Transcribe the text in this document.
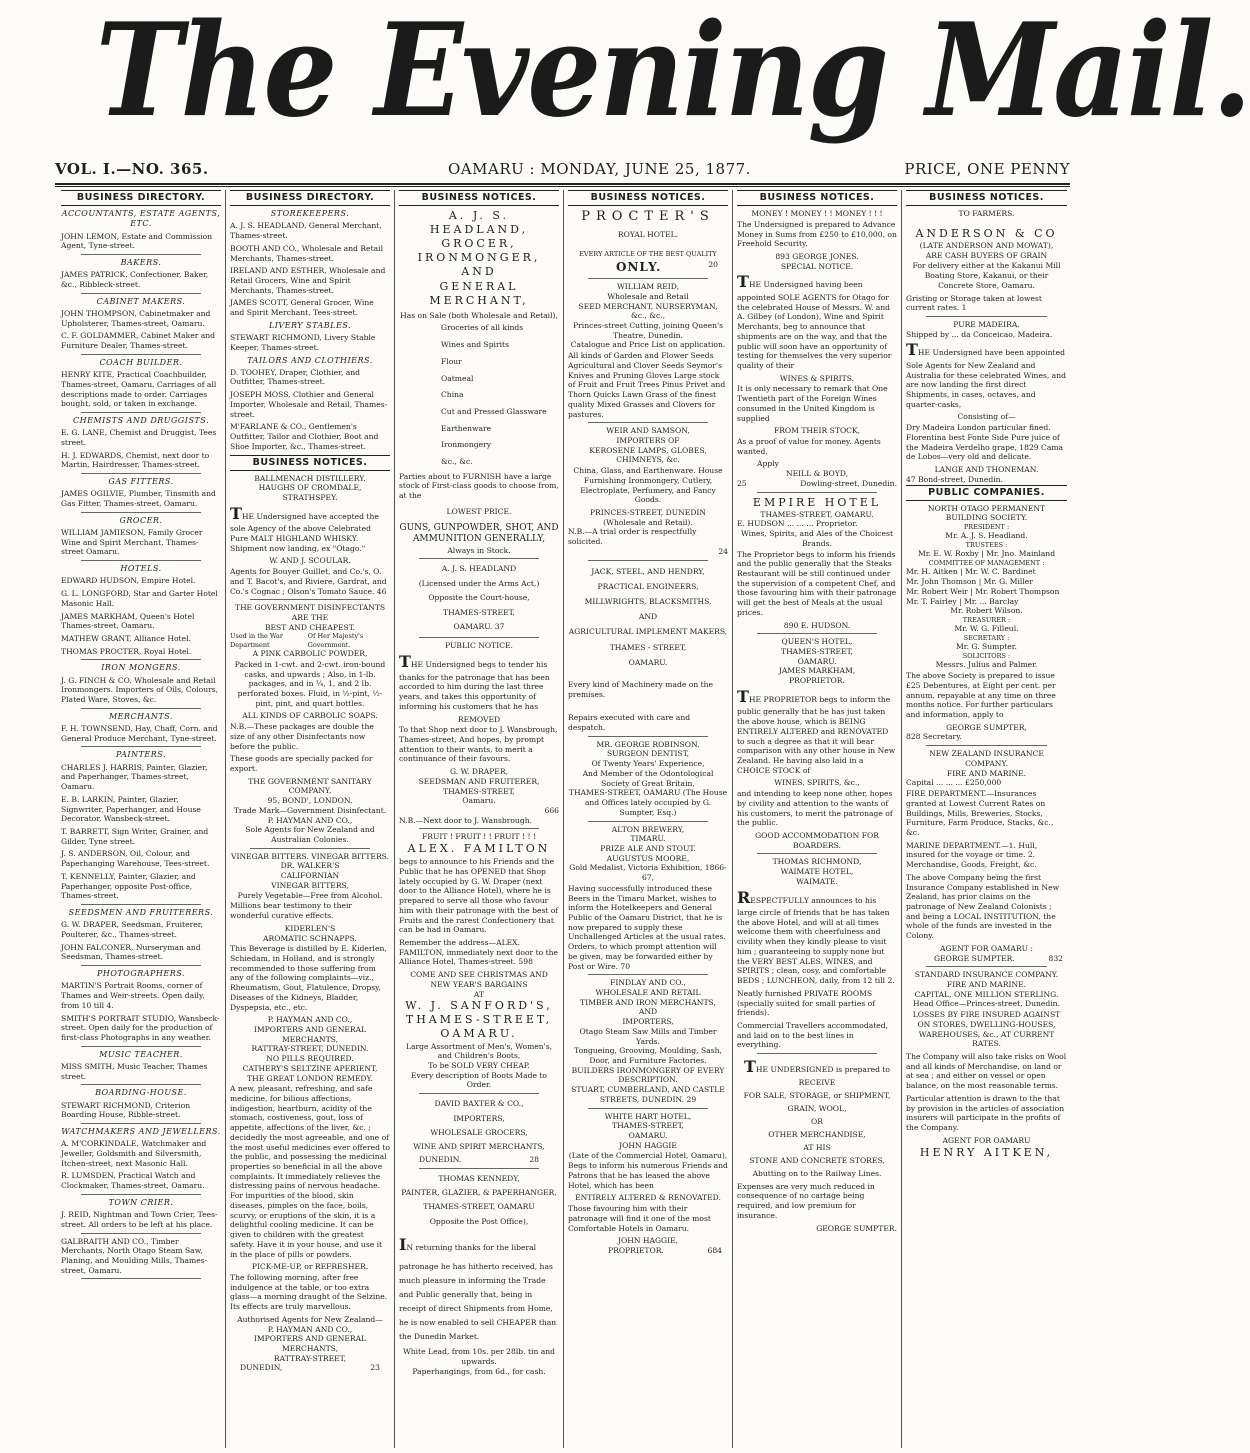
The Evening Mail.
VOL. I.—NO. 365.	OAMARU : MONDAY, JUNE 25, 1877.	PRICE, ONE PENNY
BUSINESS DIRECTORY.
ACCOUNTANTS, ESTATE AGENTS, ETC.

JOHN LEMON, Estate and Commission Agent, Tyne-street.

BAKERS.

JAMES PATRICK, Confectioner, Baker, &c., Ribbleck-street.

CABINET MAKERS.

JOHN THOMPSON, Cabinetmaker and Upholsterer, Thames-street, Oamaru.

C. F. GOLDAMMER, Cabinet Maker and Furniture Dealer, Thames-street.

COACH BUILDER.

HENRY KITE, Practical Coachbuilder, Thames-street, Oamaru. Carriages of all descriptions made to order. Carriages bought, sold, or taken in exchange.

CHEMISTS AND DRUGGISTS.

E. G. LANE, Chemist and Druggist, Tees street.

H. J. EDWARDS, Chemist, next door to Martin, Hairdresser, Thames-street.

GAS FITTERS.

JAMES OGILVIE, Plumber, Tinsmith and Gas Fitter, Thames-street, Oamaru.

GROCER.

WILLIAM JAMIESON, Family Grocer Wine and Spirit Merchant, Thames-street Oamaru.

HOTELS.

EDWARD HUDSON, Empire Hotel.

G. L. LONGFORD, Star and Garter Hotel Masonic Hall.

JAMES MARKHAM, Queen's Hotel Thames-street, Oamaru.

MATHEW GRANT, Alliance Hotel.

THOMAS PROCTER, Royal Hotel.

IRON MONGERS.

J. G. FINCH & CO. Wholesale and Retail Ironmongers. Importers of Oils, Colours, Plated Ware, Stoves, &c.

MERCHANTS.

F. H. TOWNSEND, Hay, Chaff, Corn. and General Produce Merchant, Tyne-street.

PAINTERS.

CHARLES J. HARRIS, Painter, Glazier, and Paperhanger, Thames-street, Oamaru.

E. B. LARKIN, Painter, Glazier, Signwriter, Paperhanger, and House Decorator, Wansbeck-street.

T. BARRETT, Sign Writer, Grainer, and Gilder, Tyne street.

J. S. ANDERSON, Oil, Colour, and Paperhanging Warehouse, Tees-street.

T. KENNELLY, Painter, Glazier, and Paperhanger, opposite Post-office, Thames-street.

SEEDSMEN AND FRUITERERS.

G. W. DRAPER, Seedsman, Fruiterer, Poulterer, &c., Thames-street.

JOHN FALCONER, Nurseryman and Seedsman, Thames-street.

PHOTOGRAPHERS.

MARTIN'S Portrait Rooms, corner of Thames and Weir-streets. Open daily, from 10 till 4.

SMITH'S PORTRAIT STUDIO, Wansbeck-street. Open daily for the production of first-class Photographs in any weather.

MUSIC TEACHER.

MISS SMITH, Music Teacher, Thames street.

BOARDING-HOUSE.

STEWART RICHMOND, Criterion Boarding House, Ribble-street.

WATCHMAKERS AND JEWELLERS.

A. M'CORKINDALE, Watchmaker and Jeweller, Goldsmith and Silversmith, Itchen-street, next Masonic Hall.

R. LUMSDEN, Practical Watch and Clockmaker, Thames-street, Oamaru.

TOWN CRIER.

J. REID, Nightman and Town Crier, Tees-street. All orders to be left at his place.

GALBRAITH AND CO., Timber Merchants, North Otago Steam Saw, Planing, and Moulding Mills, Thames-street, Oamaru.

BUSINESS DIRECTORY.
STOREKEEPERS.

A. J. S. HEADLAND, General Merchant, Thames-street.

BOOTH AND CO., Wholesale and Retail Merchants, Thames-street.

IRELAND AND ESTHER, Wholesale and Retail Grocers, Wine and Spirit Merchants, Thames-street.

JAMES SCOTT, General Grocer, Wine and Spirit Merchant, Tees-street.

LIVERY STABLES.

STEWART RICHMOND, Livery Stable Keeper, Thames-street.

TAILORS AND CLOTHIERS.

D. TOOHEY, Draper, Clothier, and Outfitter, Thames-street.

JOSEPH MOSS, Clothier and General Importer, Wholesale and Retail, Thames-street.

M'FARLANE & CO., Gentlemen's Outfitter, Tailor and Clothier, Boot and Shoe Importer, &c., Thames-street.

BUSINESS NOTICES.
BALLMENACH DISTILLERY.
HAUGHS OF CROMDALE,
STRATHSPEY.

THE Undersigned have accepted the sole Agency of the above Celebrated Pure MALT HIGHLAND WHISKY. Shipment now landing, ex "Otago."

W. AND J. SCOULAR.

Agents for Bouyer Guillet, and Co.'s, O. and T. Bacot's, and Riviere, Gardrat, and Co.'s Cognac ; Olson's Tomato Sauce. 46

THE GOVERNMENT DISINFECTANTS
ARE THE
BEST AND CHEAPEST.
Used in the War Department
Of Her Majesty's Government.
A PINK CARBOLIC POWDER,

Packed in 1-cwt. and 2-cwt. iron-bound casks, and upwards ; Also, in 1-lb. packages, and in ¼, 1, and 2 lb. perforated boxes. Fluid, in ½-pint, ½-pint, pint, and quart bottles.

ALL KINDS OF CARBOLIC SOAPS.

N.B.—These packages are double the size of any other Disinfectants now before the public.

These goods are specially packed for export.

THE GOVERNMENT SANITARY COMPANY,
95, BOND', LONDON.
Trade Mark—Government Disinfectant.
P. HAYMAN AND CO.,
Sole Agents for New Zealand and Australian Colonies.
VINEGAR BITTERS. VINEGAR BITTERS.
DR. WALKER'S
CALIFORNIAN
VINEGAR BITTERS,
Purely Vegetable—Free from Alcohol.

Millions bear testimony to their wonderful curative effects.

KIDERLEN'S
AROMATIC SCHNAPPS.

This Beverage is distilled by E. Kiderlen, Schiedam, in Holland, and is strongly recommended to those suffering from any of the following complaints—viz., Rheumatism, Gout, Flatulence, Dropsy, Diseases of the Kidneys, Bladder, Dyspepsia, etc., etc.

P. HAYMAN AND CO.,
IMPORTERS AND GENERAL MERCHANTS,
RATTRAY-STREET, DUNEDIN.
NO PILLS REQUIRED.
CATHERY'S SELTZINE APERIENT,
THE GREAT LONDON REMEDY.

A new, pleasant, refreshing, and safe medicine, for bilious affections, indigestion, heartburn, acidity of the stomach, costiveness, gout, loss of appetite, affections of the liver, &c. ; decidedly the most agreeable, and one of the most useful medicines ever offered to the public, and possessing the medicinal properties so beneficial in all the above complaints. It immediately relieves the distressing pains of nervous headache. For impurities of the blood, skin diseases, pimples on the face, boils, scurvy, or eruptions of the skin, it is a delightful cooling medicine. It can be given to children with the greatest safety. Have it in your house, and use it in the place of pills or powders.

PICK-ME-UP, or REFRESHER.

The following morning, after free indulgence at the table, or too extra glass—a morning draught of the Selzine. Its effects are truly marvellous.

Authorised Agents for New Zealand—
P. HAYMAN AND CO.,
IMPORTERS AND GENERAL MERCHANTS,
RATTRAY-STREET,
DUNEDIN,	23
BUSINESS NOTICES.
A. J. S. HEADLAND,
GROCER, IRONMONGER, AND
GENERAL MERCHANT,
Has on Sale (both Wholesale and Retail),
Groceries of all kinds
Wines and Spirits
Flour
Oatmeal
China
Cut and Pressed Glassware
Earthenware
Ironmongery
&c., &c.

Parties about to FURNISH have a large stock of First-class goods to choose from, at the

LOWEST PRICE.
GUNS, GUNPOWDER, SHOT, AND AMMUNITION GENERALLY,
Always in Stock.
A. J. S. HEADLAND
(Licensed under the Arms Act,)
Opposite the Court-house,
THAMES-STREET,
OAMARU. 37
PUBLIC NOTICE.

THE Undersigned begs to tender his thanks for the patronage that has been accorded to him during the last three years, and takes this opportunity of informing his customers that he has

REMOVED

To that Shop next door to J. Wansbrough, Thames-street, And hopes, by prompt attention to their wants, to merit a continuance of their favours.

G. W. DRAPER,
SEEDSMAN AND FRUITERER,
THAMES-STREET,
Oamaru.
666
N.B.—Next door to J. Wansbrough.
FRUIT ! FRUIT ! ! FRUIT ! ! !
ALEX. FAMILTON

begs to announce to his Friends and the Public that he has OPENED that Shop lately occupied by G. W. Draper (next door to the Alliance Hotel), where he is prepared to serve all those who favour him with their patronage with the best of Fruits and the rarest Confectionery that can be had in Oamaru.

Remember the address—ALEX. FAMILTON, immediately next door to the Alliance Hotel, Thames-street. 598

COME AND SEE CHRISTMAS AND NEW YEAR'S BARGAINS
AT
W. J. SANFORD'S,
THAMES-STREET, OAMARU.
Large Assortment of Men's, Women's, and Children's Boots,
To be SOLD VERY CHEAP.
Every description of Boots Made to Order.
DAVID BAXTER & CO.,
IMPORTERS,
WHOLESALE GROCERS,
WINE AND SPIRIT MERCHANTS,
DUNEDIN.	28
THOMAS KENNEDY,
PAINTER, GLAZIER, & PAPERHANGER,
THAMES-STREET, OAMARU
Opposite the Post Office),

IN returning thanks for the liberal patronage he has hitherto received, has much pleasure in informing the Trade and Public generally that, being in receipt of direct Shipments from Home, he is now enabled to sell CHEAPER than the Dunedin Market.

White Lead, from 10s. per 28lb. tin and upwards.
Paperhangings, from 6d., for cash.
BUSINESS NOTICES.
PROCTER'S
ROYAL HOTEL.
EVERY ARTICLE OF THE BEST QUALITY
ONLY.	20
WILLIAM REID,
Wholesale and Retail
SEED MERCHANT, NURSERYMAN,
&c., &c.,
Princes-street Cutting, joining Queen's Theatre, Dunedin.
Catalogue and Price List on application.

All kinds of Garden and Flower Seeds Agricultural and Clover Seeds Seymor's Knives and Pruning Gloves Large stock of Fruit and Fruit Trees Pinus Privet and Thorn Quicks Lawn Grass of the finest quality Mixed Grasses and Clovers for pastures.

WEIR AND SAMSON,
IMPORTERS OF
KEROSENE LAMPS, GLOBES, CHIMNEYS, &c.

China, Glass, and Earthenware. House Furnishing Ironmongery, Cutlery, Electroplate, Perfumery, and Fancy Goods.

PRINCES-STREET, DUNEDIN (Wholesale and Retail).
N.B.—A trial order is respectfully solicited.
24
JACK, STEEL, AND HENDRY,
PRACTICAL ENGINEERS, MILLWRIGHTS, BLACKSMITHS,
AND
AGRICULTURAL IMPLEMENT MAKERS,
THAMES - STREET,
OAMARU.

Every kind of Machinery made on the premises.

Repairs executed with care and despatch.

MR. GEORGE ROBINSON,
SURGEON DENTIST,
Of Twenty Years' Experience,
And Member of the Odontological Society of Great Britain,
THAMES-STREET, OAMARU (The House and Offices lately occupied by G. Sumpter, Esq.)
ALTON BREWERY,
TIMARU.
PRIZE ALE AND STOUT.
AUGUSTUS MOORE,
Gold Medalist, Victoria Exhibition, 1866-67,

Having successfully introduced these Beers in the Timaru Market, wishes to inform the Hotelkeepers and General Public of the Oamaru District, that he is now prepared to supply these Unchallenged Articles at the usual rates. Orders, to which prompt attention will be given, may be forwarded either by Post or Wire. 70

FINDLAY AND CO.,
WHOLESALE AND RETAIL
TIMBER AND IRON MERCHANTS,
AND
IMPORTERS,
Otago Steam Saw Mills and Timber Yards.
Tongueing, Grooving, Moulding, Sash, Door, and Furniture Factories.
BUILDERS IRONMONGERY OF EVERY DESCRIPTION.
STUART, CUMBERLAND, AND CASTLE STREETS, DUNEDIN. 29
WHITE HART HOTEL,
THAMES-STREET,
OAMARU.
JOHN HAGGIE
(Late of the Commercial Hotel, Oamaru),

Begs to inform his numerous Friends and Patrons that he has leased the above Hotel, which has been

ENTIRELY ALTERED & RENOVATED.

Those favouring him with their patronage will find it one of the most Comfortable Hotels in Oamaru.

JOHN HAGGIE,
PROPRIETOR.	684
BUSINESS NOTICES.
MONEY ! MONEY ! ! MONEY ! ! !

The Undersigned is prepared to Advance Money in Sums from £250 to £10,000, on Freehold Security.

893 GEORGE JONES.
SPECIAL NOTICE.

THE Undersigned having been appointed SOLE AGENTS for Otago for the celebrated House of Messrs. W. and A. Gilbey (of London), Wine and Spirit Merchants, beg to announce that shipments are on the way, and that the public will soon have an opportunity of testing for themselves the very superior quality of their

WINES & SPIRITS.

It is only necessary to remark that One Twentieth part of the Foreign Wines consumed in the United Kingdom is supplied

FROM THEIR STOCK,

As a proof of value for money. Agents wanted.

Apply
NEILL & BOYD,
25	Dowling-street, Dunedin.
EMPIRE HOTEL
THAMES-STREET, OAMARU.
E. HUDSON ... ... ... Proprietor.
Wines, Spirits, and Ales of the Choicest Brands.

The Proprietor begs to inform his friends and the public generally that the Steaks Restaurant will be still continued under the supervision of a competent Chef, and those favouring him with their patronage will get the best of Meals at the usual prices.

890 E. HUDSON.
QUEEN'S HOTEL,
THAMES-STREET,
OAMARU.
JAMES MARKHAM,
PROPRIETOR.

THE PROPRIETOR begs to inform the public generally that he has just taken the above house, which is BEING ENTIRELY ALTERED and RENOVATED to such a degree as that it will bear comparison with any other house in New Zealand. He having also laid in a CHOICE STOCK of

WINES, SPIRITS, &c.,

and intending to keep none other, hopes by civility and attention to the wants of his customers, to merit the patronage of the public.

GOOD ACCOMMODATION FOR BOARDERS.
THOMAS RICHMOND,
WAIMATE HOTEL,
WAIMATE.

RESPECTFULLY announces to his large circle of friends that he has taken the above Hotel, and will at all times welcome them with cheerfulness and civility when they kindly please to visit him ; guaranteeing to supply none but the VERY BEST ALES, WINES, and SPIRITS ; clean, cosy, and comfortable BEDS ; LUNCHEON, daily, from 12 till 2.

Neatly furnished PRIVATE ROOMS (specially suited for small parties of friends).

Commercial Travellers accommodated, and laid on to the best lines in everything.

THE UNDERSIGNED is prepared to RECEIVE

FOR SALE, STORAGE, or SHIPMENT,
GRAIN, WOOL,
OR
OTHER MERCHANDISE,
AT HIS
STONE AND CONCRETE STORES,
Abutting on to the Railway Lines.

Expenses are very much reduced in consequence of no cartage being required, and low premium for insurance.

GEORGE SUMPTER.
BUSINESS NOTICES.
TO FARMERS.
ANDERSON & CO
(LATE ANDERSON AND MOWAT),
ARE CASH BUYERS OF GRAIN

For delivery either at the Kakanui Mill Boating Store, Kakanui, or their Concrete Store, Oamaru.

Gristing or Storage taken at lowest current rates. 1

PURE MADEIRA.
Shipped by ... da Conceicao, Madeira.

THE Undersigned have been appointed Sole Agents for New Zealand and Australia for these celebrated Wines, and are now landing the first direct Shipments, in cases, octaves, and quarter-casks,

Consisting of—

Dry Madeira London particular fined. Florentina best Fonte Side Pure juice of the Madeira Verdelho grape, 1829 Cama de Lobos—very old and delicate.

LANGE AND THONEMAN.
47 Bond-street, Dunedin.
PUBLIC COMPANIES.
NORTH OTAGO PERMANENT
BUILDING SOCIETY.
PRESIDENT :
Mr. A. J. S. Headland.
TRUSTEES :
Mr. E. W. Roxby | Mr. Jno. Mainland
COMMITTEE OF MANAGEMENT :
Mr. H. Aitken | Mr. W. C. Bardinet
Mr. John Thomson | Mr. G. Miller
Mr. Robert Weir | Mr. Robert Thompson
Mr. T. Fairley | Mr. ... Barclay
Mr. Robert Wilson.
TREASURER :
Mr. W. G. Filleul.
SECRETARY :
Mr. G. Sumpter.
SOLICITORS :
Messrs. Julius and Palmer.

The above Society is prepared to issue £25 Debentures, at Eight per cent. per annum, repayable at any time on three months notice. For further particulars and information, apply to

GEORGE SUMPTER,
828 Secretary.
NEW ZEALAND INSURANCE
COMPANY.
FIRE AND MARINE.
Capital ... ... ... £250,000

FIRE DEPARTMENT.—Insurances granted at Lowest Current Rates on Buildings, Mills, Breweries, Stocks, Furniture, Farm Produce, Stacks, &c., &c.

MARINE DEPARTMENT.—1. Hull, insured for the voyage or time. 2. Merchandise, Goods, Freight, &c.

The above Company being the first Insurance Company established in New Zealand, has prior claims on the patronage of New Zealand Colonists ; and being a LOCAL INSTITUTION, the whole of the funds are invested in the Colony.

AGENT FOR OAMARU :
GEORGE SUMPTER.	832
STANDARD INSURANCE COMPANY.
FIRE AND MARINE.
CAPITAL, ONE MILLION STERLING.
Head Office—Princes-street, Dunedin.

LOSSES BY FIRE INSURED AGAINST ON STORES, DWELLING-HOUSES, WAREHOUSES, &c., AT CURRENT RATES.

The Company will also take risks on Wool and all kinds of Merchandise, on land or at sea ; and either on vessel or open balance, on the most reasonable terms.

Particular attention is drawn to the that by provision in the articles of association insurers will participate in the profits of the Company.

AGENT FOR OAMARU
HENRY AITKEN,
